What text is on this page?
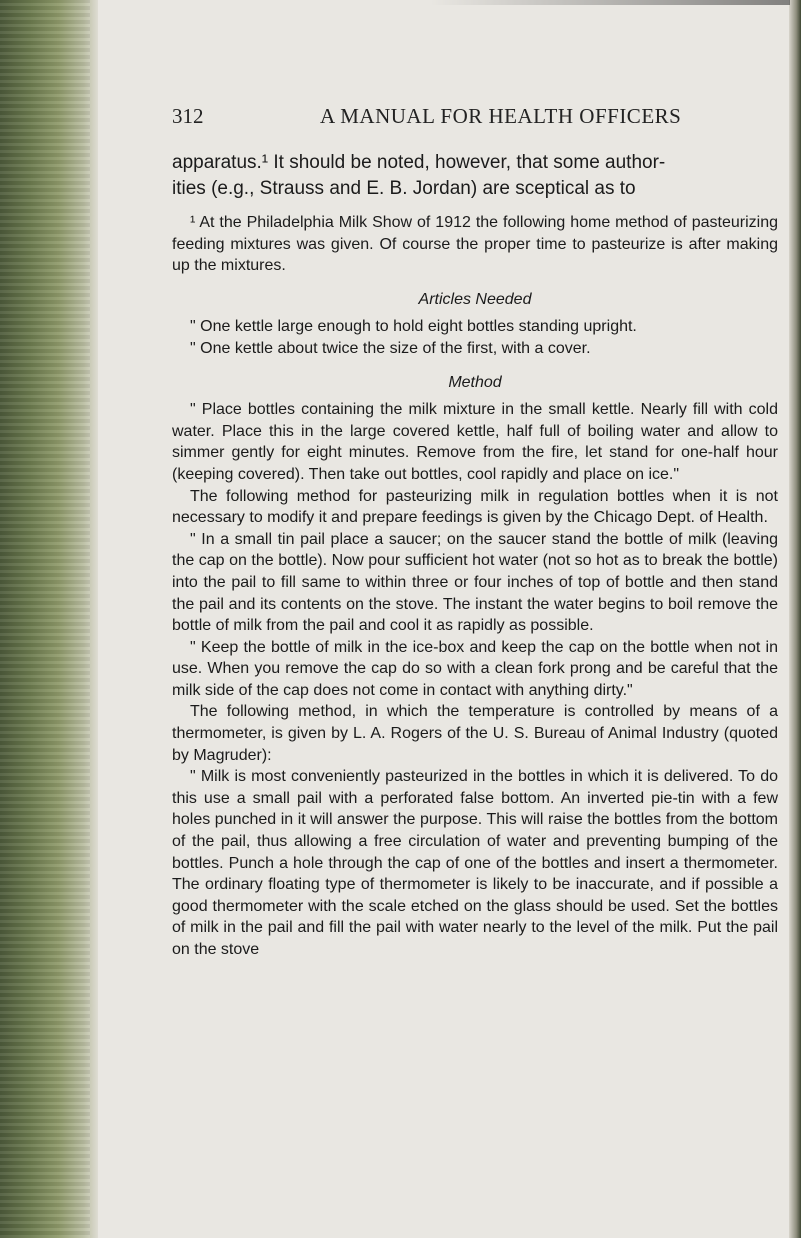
312	A MANUAL FOR HEALTH OFFICERS

apparatus.¹ It should be noted, however, that some author-

ities (e.g., Strauss and E. B. Jordan) are sceptical as to

¹ At the Philadelphia Milk Show of 1912 the following home method of pasteurizing feeding mixtures was given. Of course the proper time to pasteurize is after making up the mixtures.

Articles Needed

" One kettle large enough to hold eight bottles standing upright.

" One kettle about twice the size of the first, with a cover.

Method

" Place bottles containing the milk mixture in the small kettle. Nearly fill with cold water. Place this in the large covered kettle, half full of boiling water and allow to simmer gently for eight minutes. Remove from the fire, let stand for one-half hour (keeping covered). Then take out bottles, cool rapidly and place on ice."

The following method for pasteurizing milk in regulation bottles when it is not necessary to modify it and prepare feedings is given by the Chicago Dept. of Health.

" In a small tin pail place a saucer; on the saucer stand the bottle of milk (leaving the cap on the bottle). Now pour sufficient hot water (not so hot as to break the bottle) into the pail to fill same to within three or four inches of top of bottle and then stand the pail and its contents on the stove. The instant the water begins to boil remove the bottle of milk from the pail and cool it as rapidly as possible.

" Keep the bottle of milk in the ice-box and keep the cap on the bottle when not in use. When you remove the cap do so with a clean fork prong and be careful that the milk side of the cap does not come in contact with anything dirty."

The following method, in which the temperature is controlled by means of a thermometer, is given by L. A. Rogers of the U. S. Bureau of Animal Industry (quoted by Magruder):

" Milk is most conveniently pasteurized in the bottles in which it is delivered. To do this use a small pail with a perforated false bottom. An inverted pie-tin with a few holes punched in it will answer the purpose. This will raise the bottles from the bottom of the pail, thus allowing a free circulation of water and preventing bumping of the bottles. Punch a hole through the cap of one of the bottles and insert a thermometer. The ordinary floating type of thermometer is likely to be inaccurate, and if possible a good thermometer with the scale etched on the glass should be used. Set the bottles of milk in the pail and fill the pail with water nearly to the level of the milk. Put the pail on the stove
